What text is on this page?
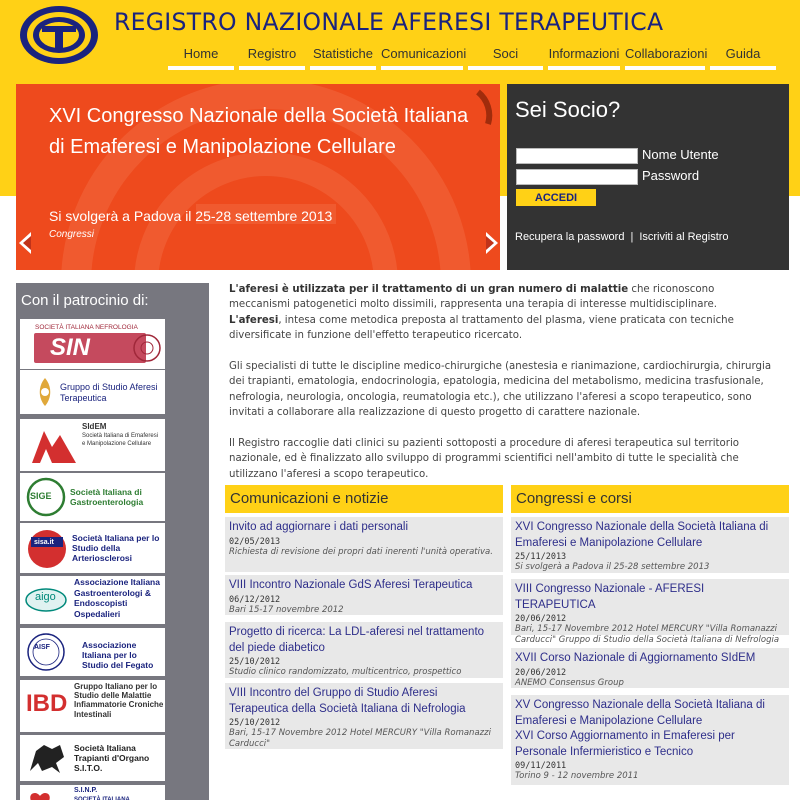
REGISTRO NAZIONALE AFERESI TERAPEUTICA
Home	Registro	Statistiche Comunicazioni	Soci	Informazioni Collaborazioni	Guida
XVI Congresso Nazionale della Società Italiana di Emaferesi e Manipolazione Cellulare
Si svolgerà a Padova il 25-28 settembre 2013
Congressi
Sei Socio?
Nome Utente
Password
ACCEDI
Recupera la password | Iscriviti al Registro
Con il patrocinio di:
SOCIETÀ ITALIANA NEFROLOGIA
SIN
Gruppo di Studio Aferesi Terapeutica
SIdEM
Società Italiana di Emaferesi e Manipolazione Cellulare
SIGE Società Italiana di Gastroenterologia
sisa.it Società Italiana per lo Studio della Arteriosclerosi
aigo
Associazione Italiana Gastroenterologi & Endoscopisti Ospedalieri
AISF	Associazione Italiana per lo Studio del Fegato
IBD
Gruppo Italiano per lo Studio delle Malattie Infiammatorie Croniche Intestinali
Società Italiana Trapianti d'Organo S.I.T.O.
S.I.N.P.
SOCIETÀ ITALIANA

L'aferesi è utilizzata per il trattamento di un gran numero di malattie che riconoscono meccanismi patogenetici molto dissimili, rappresenta una terapia di interesse multidisciplinare.
L'aferesi, intesa come metodica preposta al trattamento del plasma, viene praticata con tecniche diversificate in funzione dell'effetto terapeutico ricercato.

Gli specialisti di tutte le discipline medico-chirurgiche (anestesia e rianimazione, cardiochirurgia, chirurgia dei trapianti, ematologia, endocrinologia, epatologia, medicina del metabolismo, medicina trasfusionale, nefrologia, neurologia, oncologia, reumatologia etc.), che utilizzano l'aferesi a scopo terapeutico, sono invitati a collaborare alla realizzazione di questo progetto di carattere nazionale.

Il Registro raccoglie dati clinici su pazienti sottoposti a procedure di aferesi terapeutica sul territorio nazionale, ed è finalizzato allo sviluppo di programmi scientifici nell'ambito di tutte le specialità che utilizzano l'aferesi a scopo terapeutico.

Comunicazioni e notizie
Invito ad aggiornare i dati personali
02/05/2013
Richiesta di revisione dei propri dati inerenti l'unità operativa.
VIII Incontro Nazionale GdS Aferesi Terapeutica
06/12/2012
Bari 15-17 novembre 2012
Progetto di ricerca: La LDL-aferesi nel trattamento del piede diabetico
25/10/2012
Studio clinico randomizzato, multicentrico, prospettico
VIII Incontro del Gruppo di Studio Aferesi Terapeutica della Società Italiana di Nefrologia
25/10/2012
Bari, 15-17 Novembre 2012 Hotel MERCURY "Villa Romanazzi Carducci"
Congressi e corsi
XVI Congresso Nazionale della Società Italiana di Emaferesi e Manipolazione Cellulare
25/11/2013
Si svolgerà a Padova il 25-28 settembre 2013
VIII Congresso Nazionale - AFERESI TERAPEUTICA
20/06/2012
Bari, 15-17 Novembre 2012 Hotel MERCURY "Villa Romanazzi Carducci" Gruppo di Studio della Società Italiana di Nefrologia
XVII Corso Nazionale di Aggiornamento SIdEM
20/06/2012
ANEMO Consensus Group
XV Congresso Nazionale della Società Italiana di Emaferesi e Manipolazione Cellulare
XVI Corso Aggiornamento in Emaferesi per Personale Infermieristico e Tecnico
09/11/2011
Torino 9 - 12 novembre 2011
